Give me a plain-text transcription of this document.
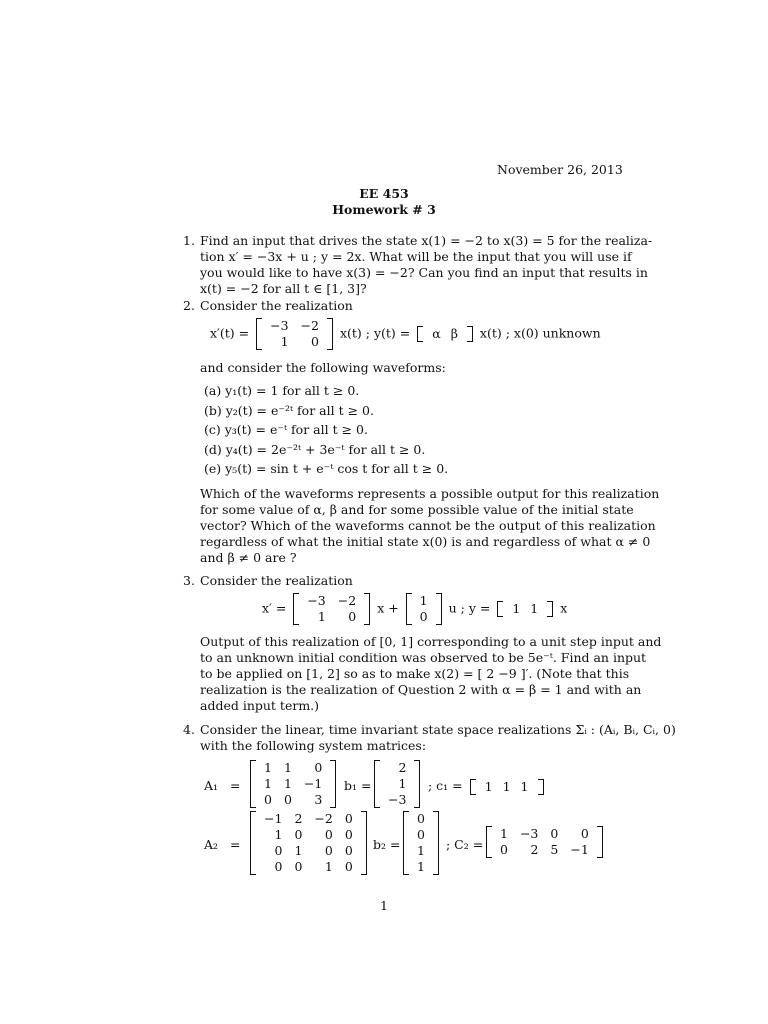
November 26, 2013
EE 453
Homework # 3
1. Find an input that drives the state x(1) = −2 to x(3) = 5 for the realiza-
tion x′ = −3x + u ; y = 2x. What will be the input that you will use if
you would like to have x(3) = −2? Can you find an input that results in
x(t) = −2 for all t ∈ [1, 3]?
2. Consider the realization
x′(t) = −3	−2
1	0
x(t) ; y(t) =	α β	x(t) ; x(0) unknown
and consider the following waveforms:
(a) y₁(t) = 1 for all t ≥ 0.
(b) y₂(t) = e⁻²ᵗ for all t ≥ 0.
(c) y₃(t) = e⁻ᵗ for all t ≥ 0.
(d) y₄(t) = 2e⁻²ᵗ + 3e⁻ᵗ for all t ≥ 0.
(e) y₅(t) = sin t + e⁻ᵗ cos t for all t ≥ 0.
Which of the waveforms represents a possible output for this realization
for some value of α, β and for some possible value of the initial state
vector? Which of the waveforms cannot be the output of this realization
regardless of what the initial state x(0) is and regardless of what α ≠ 0
and β ≠ 0 are ?
3. Consider the realization
x′ = −3	−2
1	0
x + 1
0
u ; y =	1 1	x
Output of this realization of [0, 1] corresponding to a unit step input and
to an unknown initial condition was observed to be 5e⁻ᵗ. Find an input
to be applied on [1, 2] so as to make x(2) = [ 2 −9 ]′. (Note that this
realization is the realization of Question 2 with α = β = 1 and with an
added input term.)
4. Consider the linear, time invariant state space realizations Σᵢ : (Aᵢ, Bᵢ, Cᵢ, 0)
with the following system matrices:
A₁ =
1	1	0
1	1	−1
0	0	3
b₁ =
2
1
−3
; c₁ =	1 1 1
A₂ =
−1	2	−2	0
1	0	0	0
0	1	0	0
0	0	1	0
b₂ =
0
0
1
1
; C₂ =
1	−3	0	0
0	2	5	−1
1
